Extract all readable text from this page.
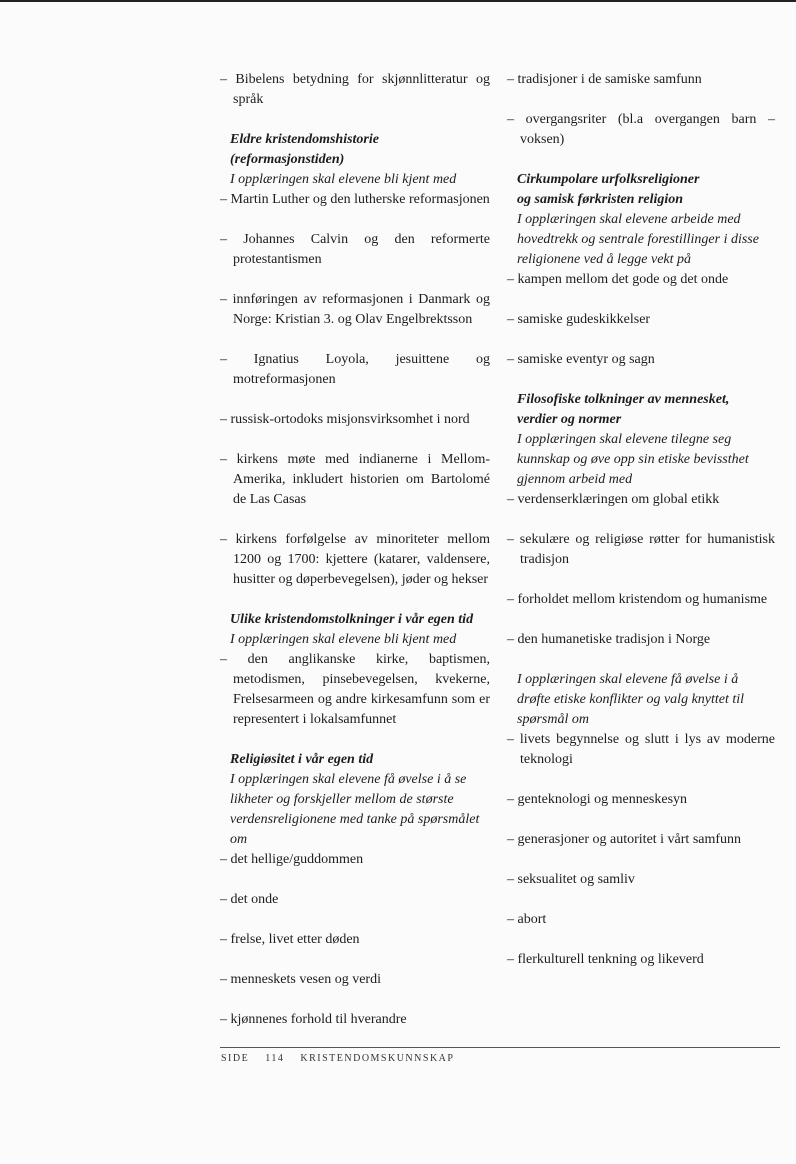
– Bibelens betydning for skjønnlitteratur og språk
Eldre kristendomshistorie
(reformasjonstiden)
I opplæringen skal elevene bli kjent med
– Martin Luther og den lutherske reformasjonen
– Johannes Calvin og den reformerte protestantismen
– innføringen av reformasjonen i Danmark og Norge: Kristian 3. og Olav Engelbrektsson
– Ignatius Loyola, jesuittene og motreformasjonen
– russisk-ortodoks misjonsvirksomhet i nord
– kirkens møte med indianerne i Mellom-Amerika, inkludert historien om Bartolomé de Las Casas
– kirkens forfølgelse av minoriteter mellom 1200 og 1700: kjettere (katarer, valdensere, husitter og døperbevegelsen), jøder og hekser
Ulike kristendomstolkninger i vår egen tid
I opplæringen skal elevene bli kjent med
– den anglikanske kirke, baptismen, metodismen, pinsebevegelsen, kvekerne, Frelsesarmeen og andre kirkesamfunn som er representert i lokalsamfunnet
Religiøsitet i vår egen tid
I opplæringen skal elevene få øvelse i å se likheter og forskjeller mellom de største verdensreligionene med tanke på spørsmålet om
– det hellige/guddommen
– det onde
– frelse, livet etter døden
– menneskets vesen og verdi
– kjønnenes forhold til hverandre
– tradisjoner i de samiske samfunn
– overgangsriter (bl.a overgangen barn – voksen)
Cirkumpolare urfolksreligioner
og samisk førkristen religion
I opplæringen skal elevene arbeide med hovedtrekk og sentrale forestillinger i disse religionene ved å legge vekt på
– kampen mellom det gode og det onde
– samiske gudeskikkelser
– samiske eventyr og sagn
Filosofiske tolkninger av mennesket,
verdier og normer
I opplæringen skal elevene tilegne seg kunnskap og øve opp sin etiske bevissthet gjennom arbeid med
– verdenserklæringen om global etikk
– sekulære og religiøse røtter for humanistisk tradisjon
– forholdet mellom kristendom og humanisme
– den humanetiske tradisjon i Norge
I opplæringen skal elevene få øvelse i å drøfte etiske konflikter og valg knyttet til spørsmål om
– livets begynnelse og slutt i lys av moderne teknologi
– genteknologi og menneskesyn
– generasjoner og autoritet i vårt samfunn
– seksualitet og samliv
– abort
– flerkulturell tenkning og likeverd
SIDE 114 KRISTENDOMSKUNNSKAP
